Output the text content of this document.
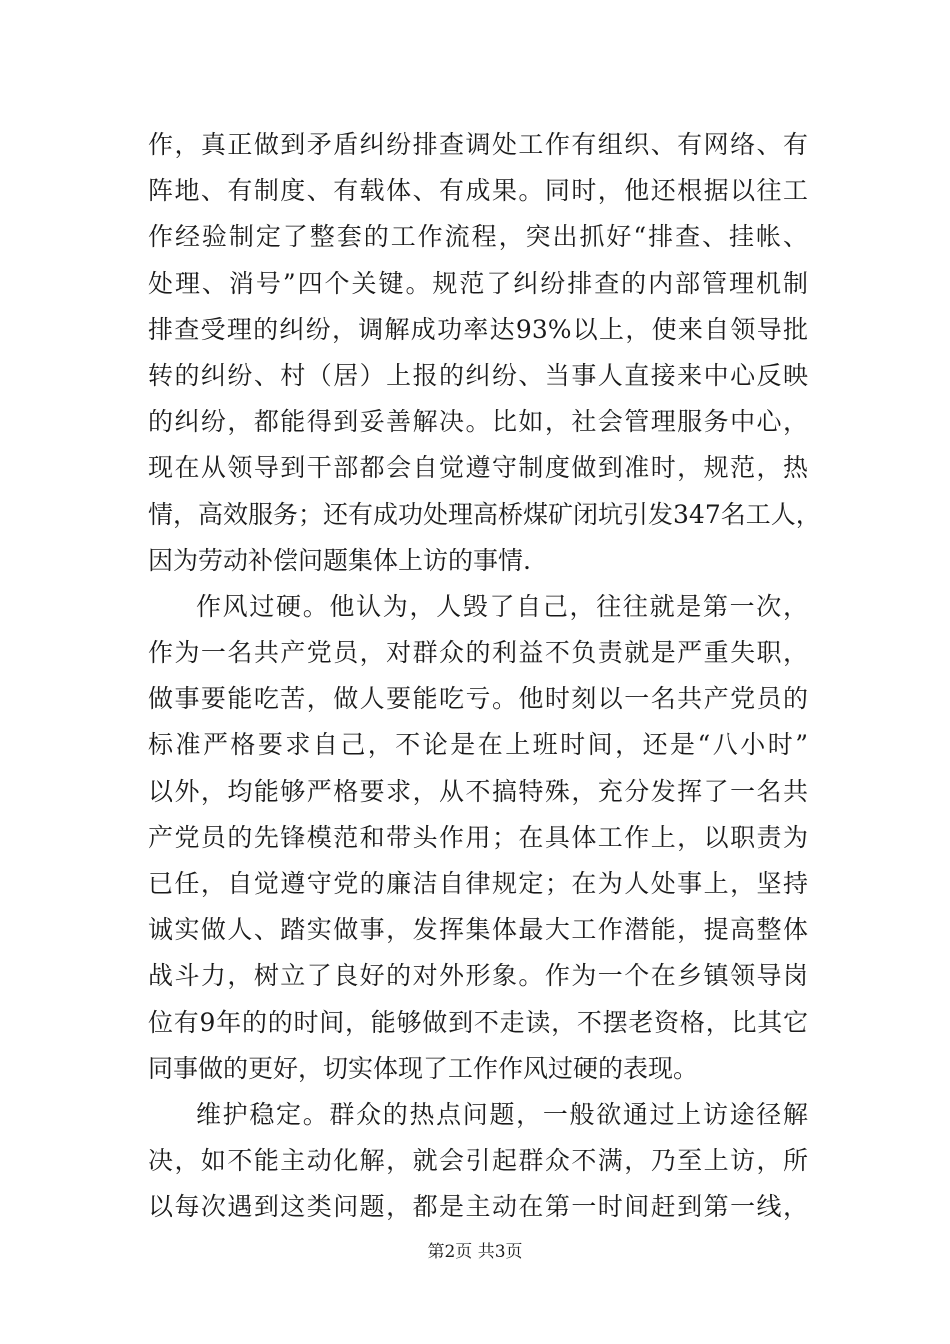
作，真正做到矛盾纠纷排查调处工作有组织、有网络、有
阵地、有制度、有载体、有成果。同时，他还根据以往工
作经验制定了整套的工作流程，突出抓好“排查、挂帐、
处理、消号”四个关键。规范了纠纷排查的内部管理机制
排查受理的纠纷，调解成功率达93%以上，使来自领导批
转的纠纷、村（居）上报的纠纷、当事人直接来中心反映
的纠纷，都能得到妥善解决。比如，社会管理服务中心，
现在从领导到干部都会自觉遵守制度做到准时，规范，热
情，高效服务；还有成功处理高桥煤矿闭坑引发347名工人，
因为劳动补偿问题集体上访的事情.
作风过硬。他认为，人毁了自己，往往就是第一次，
作为一名共产党员，对群众的利益不负责就是严重失职，
做事要能吃苦，做人要能吃亏。他时刻以一名共产党员的
标准严格要求自己，不论是在上班时间，还是“八小时”
以外，均能够严格要求，从不搞特殊，充分发挥了一名共
产党员的先锋模范和带头作用；在具体工作上，以职责为
已任，自觉遵守党的廉洁自律规定；在为人处事上，坚持
诚实做人、踏实做事，发挥集体最大工作潜能，提高整体
战斗力，树立了良好的对外形象。作为一个在乡镇领导岗
位有9年的的时间，能够做到不走读，不摆老资格，比其它
同事做的更好，切实体现了工作作风过硬的表现。
维护稳定。群众的热点问题，一般欲通过上访途径解
决，如不能主动化解，就会引起群众不满，乃至上访，所
以每次遇到这类问题，都是主动在第一时间赶到第一线，
第2页 共3页
